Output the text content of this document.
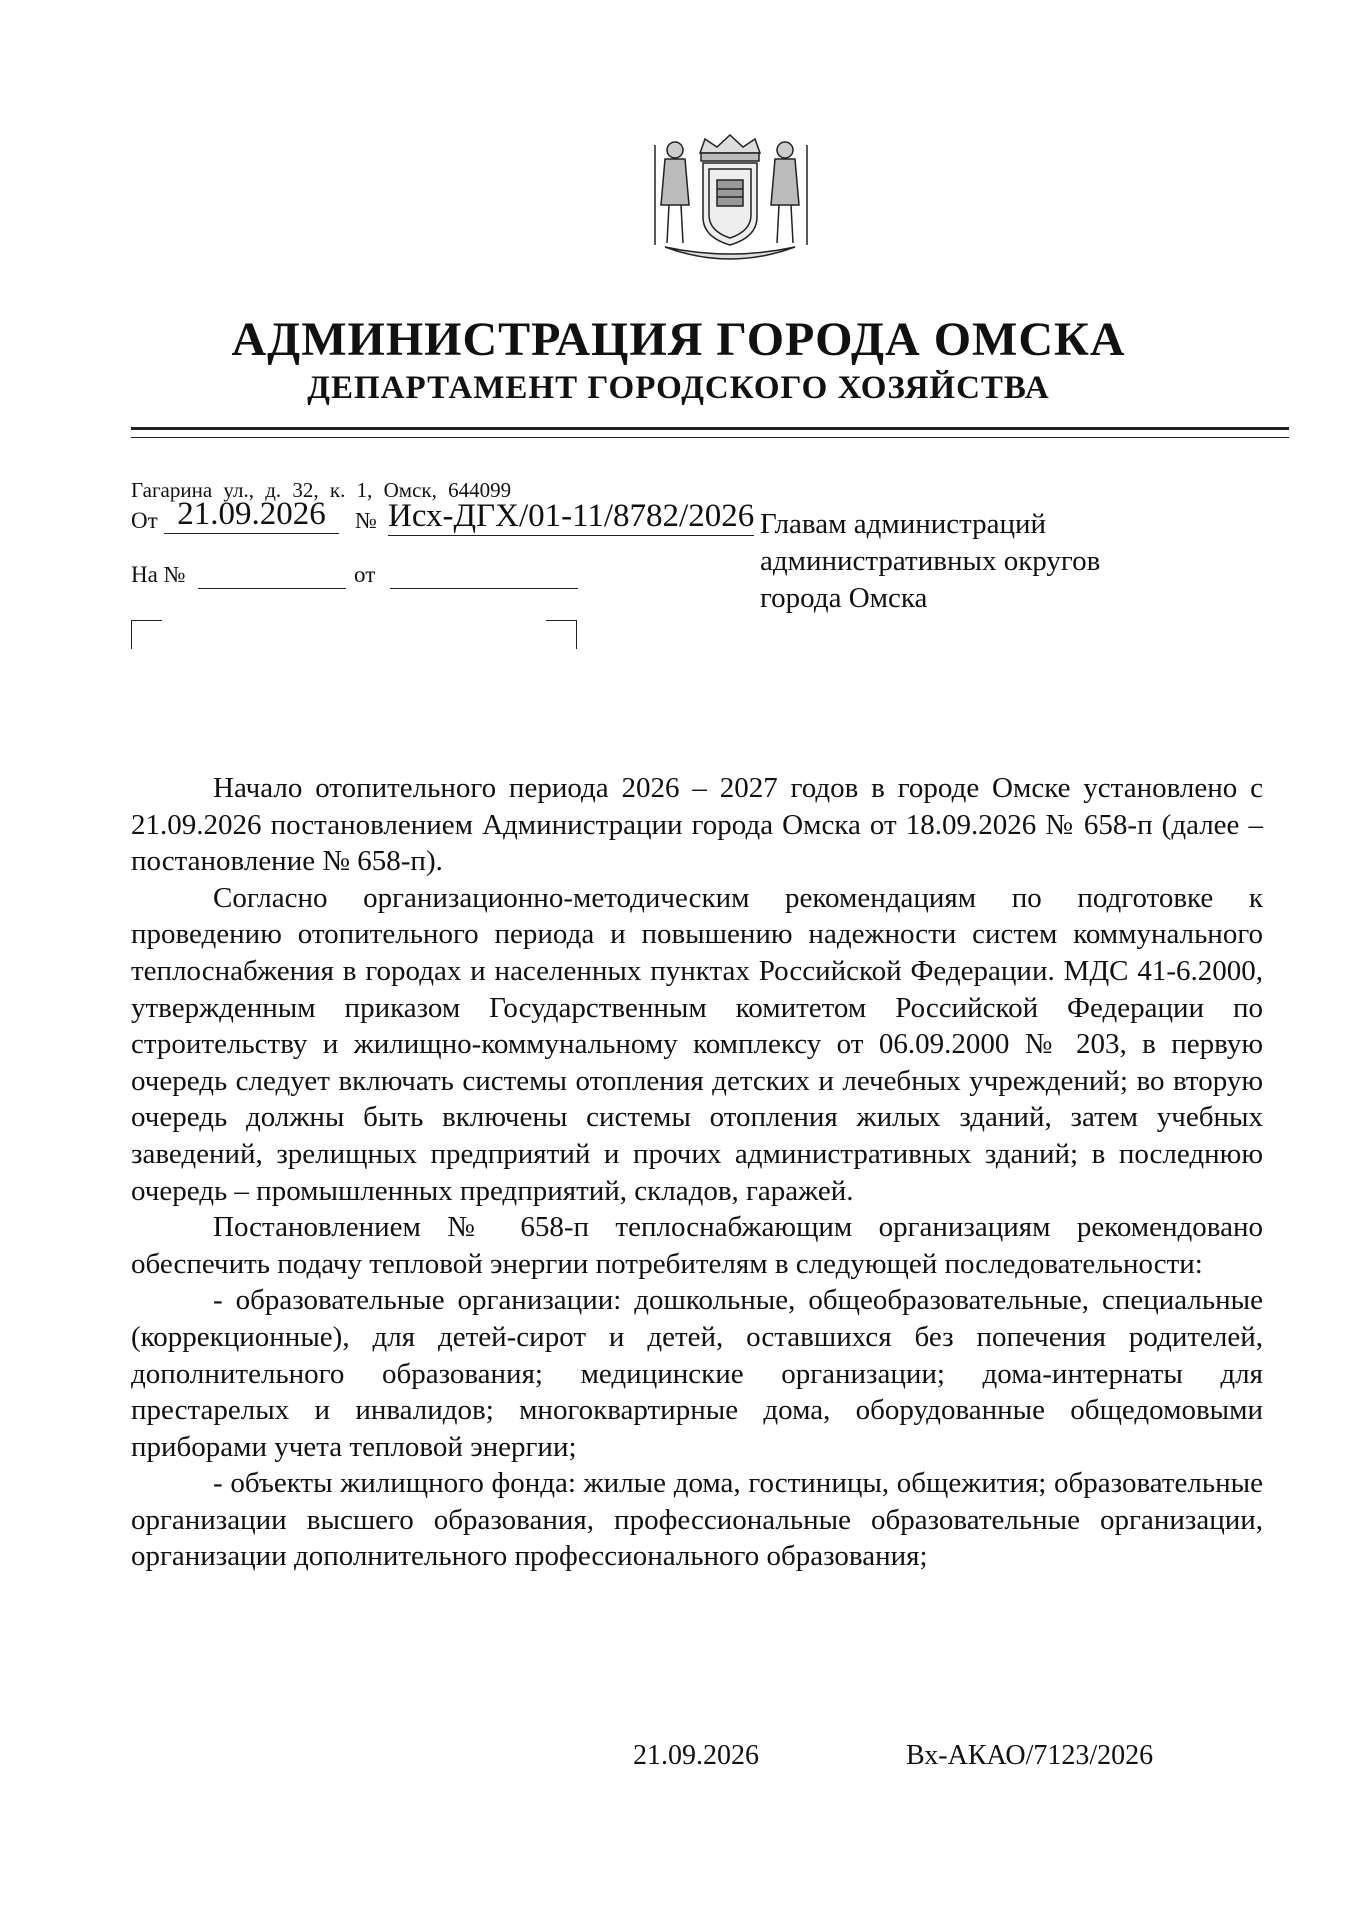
АДМИНИСТРАЦИЯ ГОРОДА ОМСКА
ДЕПАРТАМЕНТ ГОРОДСКОГО ХОЗЯЙСТВА
Гагарина ул., д. 32, к. 1, Омск, 644099
От 21.09.2026	№ Исх-ДГХ/01-11/8782/2026
На №	от
Главам администраций
административных округов
города Омска
Начало отопительного периода 2026 – 2027 годов в городе Омске установлено с 21.09.2026 постановлением Администрации города Омска от 18.09.2026 № 658-п (далее – постановление № 658-п).
Согласно организационно-методическим рекомендациям по подготовке к проведению отопительного периода и повышению надежности систем коммунального теплоснабжения в городах и населенных пунктах Российской Федерации. МДС 41-6.2000, утвержденным приказом Государственным комитетом Российской Федерации по строительству и жилищно-коммунальному комплексу от 06.09.2000 № 203, в первую очередь следует включать системы отопления детских и лечебных учреждений; во вторую очередь должны быть включены системы отопления жилых зданий, затем учебных заведений, зрелищных предприятий и прочих административных зданий; в последнюю очередь – промышленных предприятий, складов, гаражей.
Постановлением № 658-п теплоснабжающим организациям рекомендовано обеспечить подачу тепловой энергии потребителям в следующей последовательности:
- образовательные организации: дошкольные, общеобразовательные, специальные (коррекционные), для детей-сирот и детей, оставшихся без попечения родителей, дополнительного образования; медицинские организации; дома-интернаты для престарелых и инвалидов; многоквартирные дома, оборудованные общедомовыми приборами учета тепловой энергии;
- объекты жилищного фонда: жилые дома, гостиницы, общежития; образовательные организации высшего образования, профессиональные образовательные организации, организации дополнительного профессионального образования;
21.09.2026	Вх-АКАО/7123/2026
